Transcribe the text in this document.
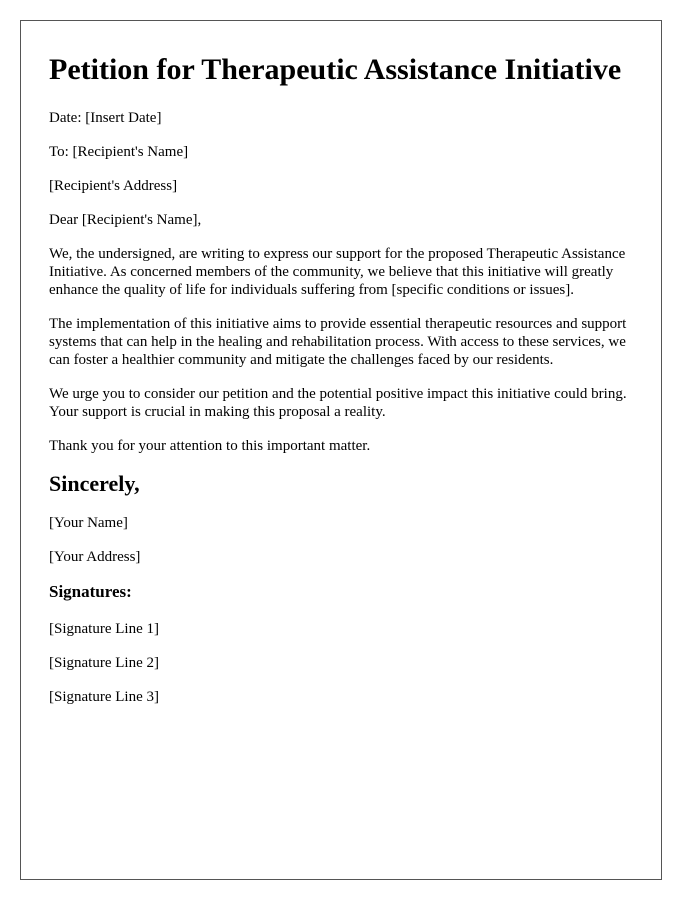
Petition for Therapeutic Assistance Initiative

Date: [Insert Date]

To: [Recipient's Name]

[Recipient's Address]

Dear [Recipient's Name],

We, the undersigned, are writing to express our support for the proposed Therapeutic Assistance Initiative. As concerned members of the community, we believe that this initiative will greatly enhance the quality of life for individuals suffering from [specific conditions or issues].

The implementation of this initiative aims to provide essential therapeutic resources and support systems that can help in the healing and rehabilitation process. With access to these services, we can foster a healthier community and mitigate the challenges faced by our residents.

We urge you to consider our petition and the potential positive impact this initiative could bring. Your support is crucial in making this proposal a reality.

Thank you for your attention to this important matter.

Sincerely,

[Your Name]

[Your Address]

Signatures:

[Signature Line 1]

[Signature Line 2]

[Signature Line 3]
